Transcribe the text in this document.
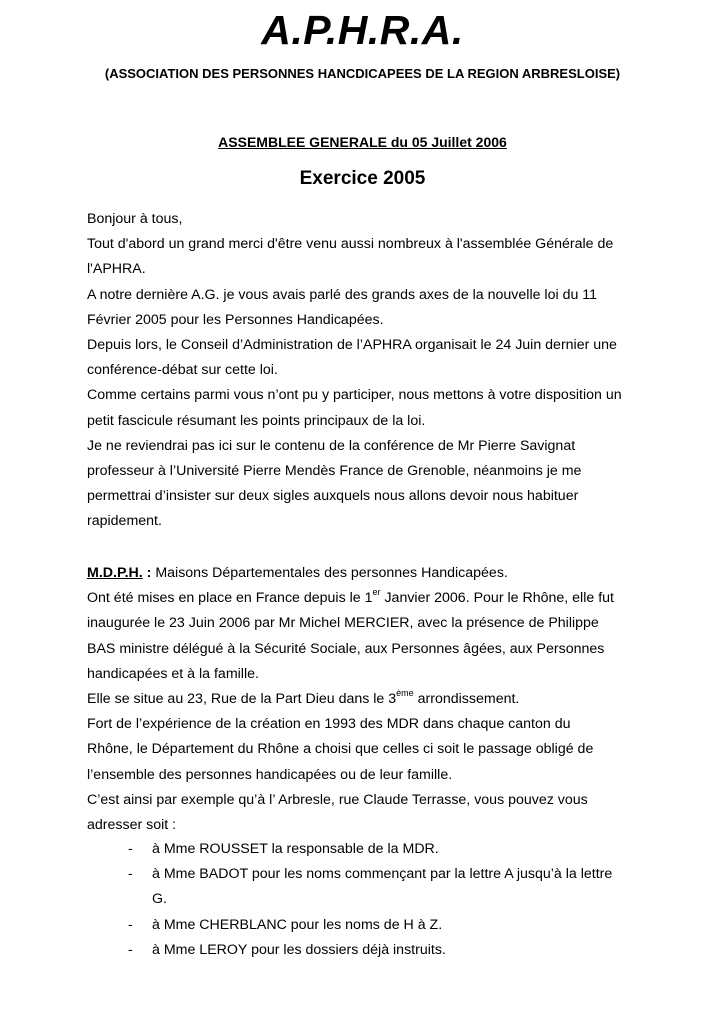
A.P.H.R.A.
(ASSOCIATION DES PERSONNES HANCDICAPEES DE LA REGION ARBRESLOISE)
ASSEMBLEE GENERALE du 05 Juillet 2006
Exercice 2005
Bonjour à tous,
Tout d'abord un grand merci d'être venu aussi nombreux à l'assemblée Générale de
l'APHRA.
A notre dernière A.G. je vous avais parlé des grands axes de la nouvelle loi du 11
Février 2005 pour les Personnes Handicapées.
Depuis lors, le Conseil d’Administration de l’APHRA organisait le 24 Juin dernier une
conférence-débat sur cette loi.
Comme certains parmi vous n’ont pu y participer, nous mettons à votre disposition un
petit fascicule résumant les points principaux de la loi.
Je ne reviendrai pas ici sur le contenu de la conférence de Mr Pierre Savignat
professeur à l’Université Pierre Mendès France de Grenoble, néanmoins je me
permettrai d’insister sur deux sigles auxquels nous allons devoir nous habituer
rapidement.
M.D.P.H. : Maisons Départementales des personnes Handicapées.
Ont été mises en place en France depuis le 1er Janvier 2006. Pour le Rhône, elle fut
inaugurée le 23 Juin 2006 par Mr Michel MERCIER, avec la présence de Philippe
BAS ministre délégué à la Sécurité Sociale, aux Personnes âgées, aux Personnes
handicapées et à la famille.
Elle se situe au 23, Rue de la Part Dieu dans le 3ème arrondissement.
Fort de l’expérience de la création en 1993 des MDR dans chaque canton du
Rhône, le Département du Rhône a choisi que celles ci soit le passage obligé de
l’ensemble des personnes handicapées ou de leur famille.
C’est ainsi par exemple qu’à l’ Arbresle, rue Claude Terrasse, vous pouvez vous
adresser soit :
- à Mme ROUSSET la responsable de la MDR.
- à Mme BADOT pour les noms commençant par la lettre A jusqu’à la lettre
G.
- à Mme CHERBLANC pour les noms de H à Z.
- à Mme LEROY pour les dossiers déjà instruits.
